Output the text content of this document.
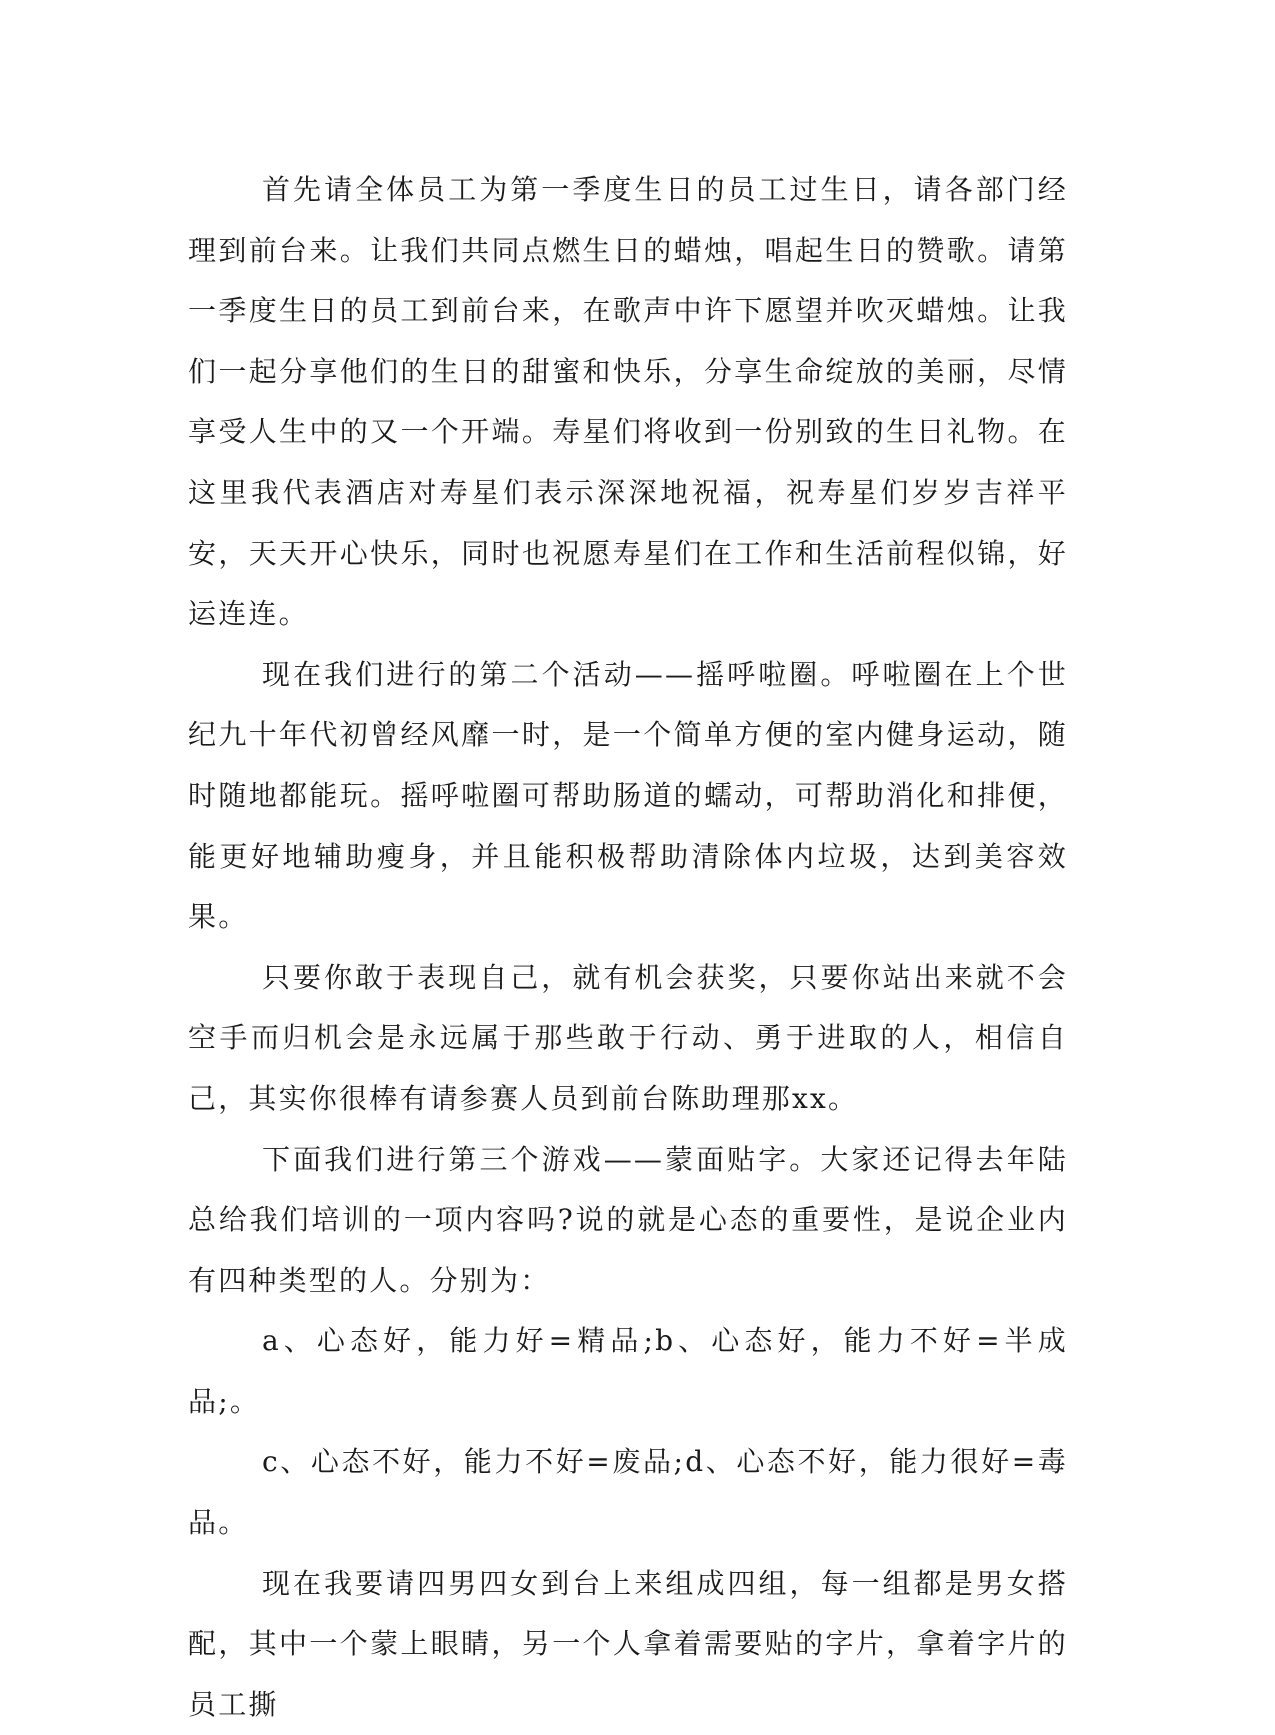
首先请全体员工为第一季度生日的员工过生日，请各部门经理到前台来。让我们共同点燃生日的蜡烛，唱起生日的赞歌。请第一季度生日的员工到前台来，在歌声中许下愿望并吹灭蜡烛。让我们一起分享他们的生日的甜蜜和快乐，分享生命绽放的美丽，尽情享受人生中的又一个开端。寿星们将收到一份别致的生日礼物。在这里我代表酒店对寿星们表示深深地祝福，祝寿星们岁岁吉祥平安，天天开心快乐，同时也祝愿寿星们在工作和生活前程似锦，好运连连。

现在我们进行的第二个活动——摇呼啦圈。呼啦圈在上个世纪九十年代初曾经风靡一时，是一个简单方便的室内健身运动，随时随地都能玩。摇呼啦圈可帮助肠道的蠕动，可帮助消化和排便，能更好地辅助瘦身，并且能积极帮助清除体内垃圾，达到美容效果。

只要你敢于表现自己，就有机会获奖，只要你站出来就不会空手而归机会是永远属于那些敢于行动、勇于进取的人，相信自己，其实你很棒有请参赛人员到前台陈助理那xx。

下面我们进行第三个游戏——蒙面贴字。大家还记得去年陆总给我们培训的一项内容吗?说的就是心态的重要性，是说企业内有四种类型的人。分别为：

a、心态好，能力好=精品;b、心态好，能力不好=半成品;。

c、心态不好，能力不好=废品;d、心态不好，能力很好=毒品。

现在我要请四男四女到台上来组成四组，每一组都是男女搭配，其中一个蒙上眼睛，另一个人拿着需要贴的字片，拿着字片的员工撕
